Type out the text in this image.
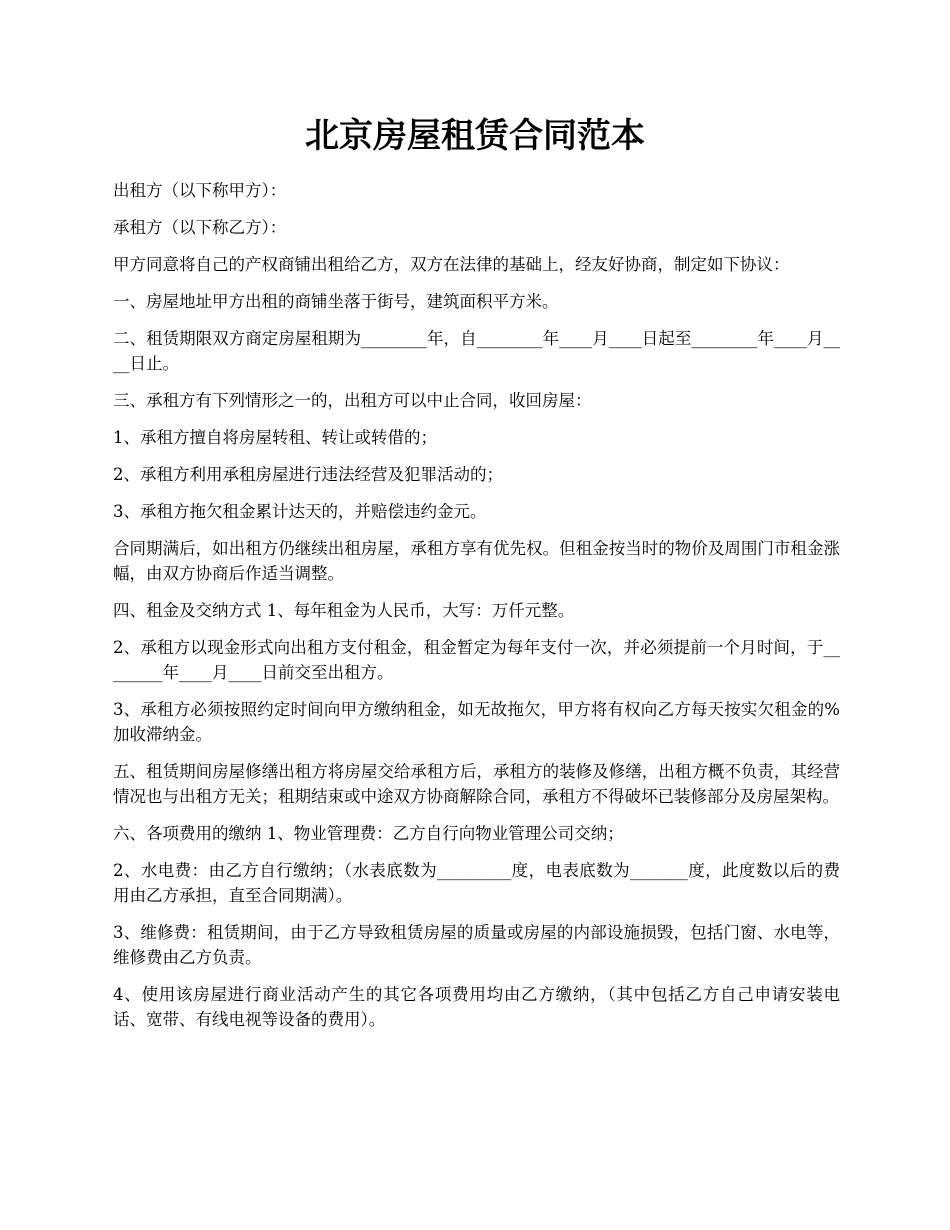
北京房屋租赁合同范本

出租方（以下称甲方）：

承租方（以下称乙方）：

甲方同意将自己的产权商铺出租给乙方，双方在法律的基础上，经友好协商，制定如下协议：

一、房屋地址甲方出租的商铺坐落于街号，建筑面积平方米。

二、租赁期限双方商定房屋租期为________年，自________年____月____日起至________年____月____日止。

三、承租方有下列情形之一的，出租方可以中止合同，收回房屋：

1、承租方擅自将房屋转租、转让或转借的；

2、承租方利用承租房屋进行违法经营及犯罪活动的；

3、承租方拖欠租金累计达天的，并赔偿违约金元。

合同期满后，如出租方仍继续出租房屋，承租方享有优先权。但租金按当时的物价及周围门市租金涨幅，由双方协商后作适当调整。

四、租金及交纳方式 1、每年租金为人民币，大写：万仟元整。

2、承租方以现金形式向出租方支付租金，租金暂定为每年支付一次，并必须提前一个月时间，于________年____月____日前交至出租方。

3、承租方必须按照约定时间向甲方缴纳租金，如无故拖欠，甲方将有权向乙方每天按实欠租金的%加收滞纳金。

五、租赁期间房屋修缮出租方将房屋交给承租方后，承租方的装修及修缮，出租方概不负责，其经营情况也与出租方无关；租期结束或中途双方协商解除合同，承租方不得破坏已装修部分及房屋架构。

六、各项费用的缴纳 1、物业管理费：乙方自行向物业管理公司交纳；

2、水电费：由乙方自行缴纳；（水表底数为_________度，电表底数为_______度，此度数以后的费用由乙方承担，直至合同期满）。

3、维修费：租赁期间，由于乙方导致租赁房屋的质量或房屋的内部设施损毁，包括门窗、水电等，维修费由乙方负责。

4、使用该房屋进行商业活动产生的其它各项费用均由乙方缴纳，（其中包括乙方自己申请安装电话、宽带、有线电视等设备的费用）。
